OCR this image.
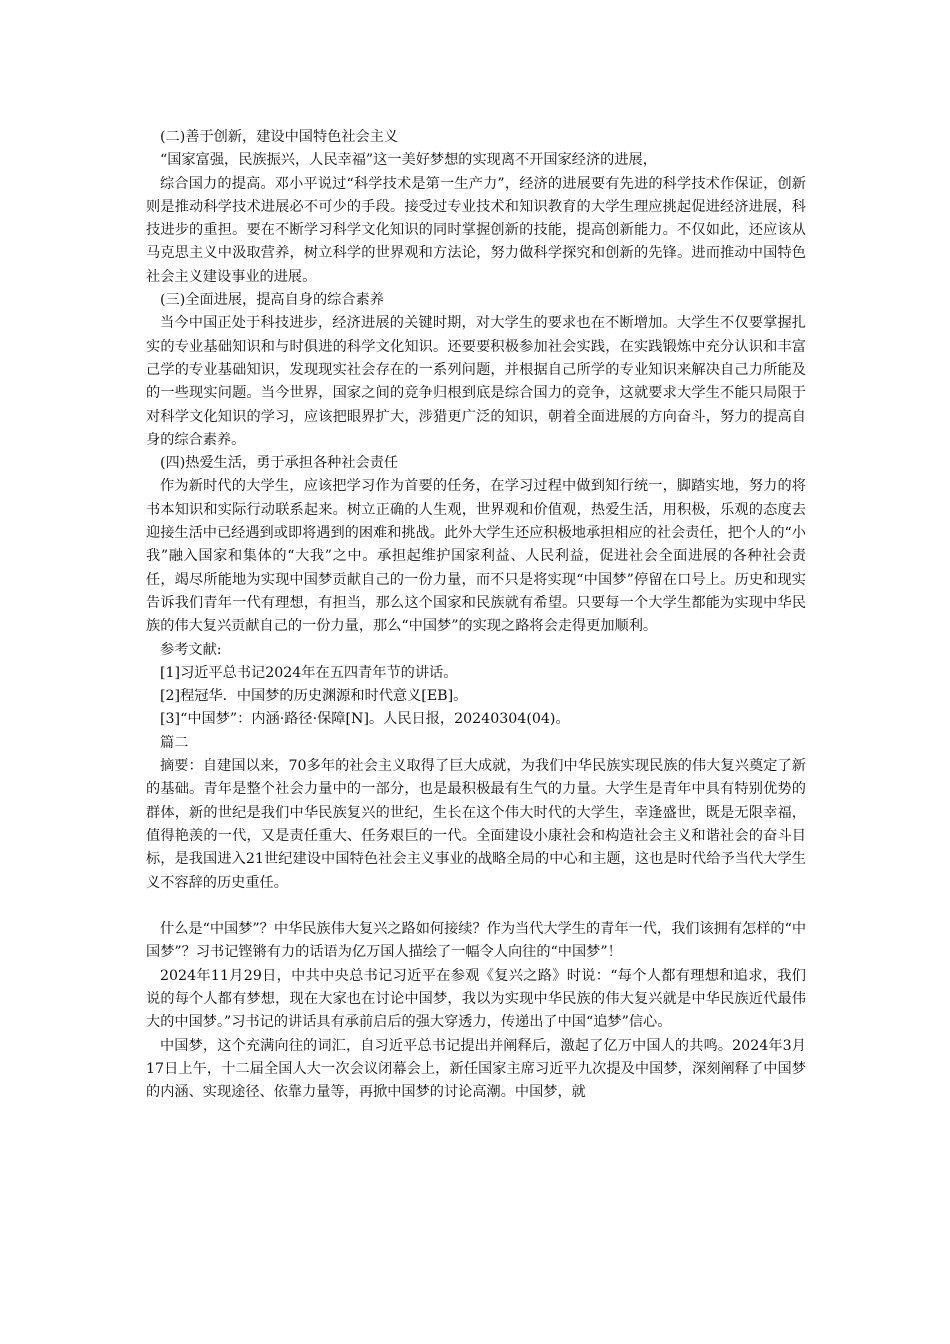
(二)善于创新，建设中国特色社会主义

“国家富强，民族振兴，人民幸福”这一美好梦想的实现离不开国家经济的进展，

综合国力的提高。邓小平说过“科学技术是第一生产力”，经济的进展要有先进的科学技术作保证，创新则是推动科学技术进展必不可少的手段。接受过专业技术和知识教育的大学生理应挑起促进经济进展，科技进步的重担。要在不断学习科学文化知识的同时掌握创新的技能，提高创新能力。不仅如此，还应该从马克思主义中汲取营养，树立科学的世界观和方法论，努力做科学探究和创新的先锋。进而推动中国特色社会主义建设事业的进展。

(三)全面进展，提高自身的综合素养

当今中国正处于科技进步，经济进展的关键时期，对大学生的要求也在不断增加。大学生不仅要掌握扎实的专业基础知识和与时俱进的科学文化知识。还要要积极参加社会实践，在实践锻炼中充分认识和丰富己学的专业基础知识，发现现实社会存在的一系列问题，并根据自己所学的专业知识来解决自己力所能及的一些现实问题。当今世界，国家之间的竞争归根到底是综合国力的竞争，这就要求大学生不能只局限于对科学文化知识的学习，应该把眼界扩大，涉猎更广泛的知识，朝着全面进展的方向奋斗，努力的提高自身的综合素养。

(四)热爱生活，勇于承担各种社会责任

作为新时代的大学生，应该把学习作为首要的任务，在学习过程中做到知行统一，脚踏实地，努力的将书本知识和实际行动联系起来。树立正确的人生观，世界观和价值观，热爱生活，用积极，乐观的态度去迎接生活中已经遇到或即将遇到的困难和挑战。此外大学生还应积极地承担相应的社会责任，把个人的“小我”融入国家和集体的“大我”之中。承担起维护国家利益、人民利益，促进社会全面进展的各种社会责任，竭尽所能地为实现中国梦贡献自己的一份力量，而不只是将实现“中国梦”停留在口号上。历史和现实告诉我们青年一代有理想，有担当，那么这个国家和民族就有希望。只要每一个大学生都能为实现中华民族的伟大复兴贡献自己的一份力量，那么“中国梦”的实现之路将会走得更加顺利。

参考文献:

[1]习近平总书记2024年在五四青年节的讲话。

[2]程冠华．中国梦的历史渊源和时代意义[EB]。

[3]“中国梦”：内涵·路径·保障[N]。人民日报，20240304(04)。

篇二

摘要：自建国以来，70多年的社会主义取得了巨大成就，为我们中华民族实现民族的伟大复兴奠定了新的基础。青年是整个社会力量中的一部分，也是最积极最有生气的力量。大学生是青年中具有特别优势的群体，新的世纪是我们中华民族复兴的世纪，生长在这个伟大时代的大学生，幸逢盛世，既是无限幸福，值得艳羡的一代，又是责任重大、任务艰巨的一代。全面建设小康社会和构造社会主义和谐社会的奋斗目标，是我国进入21世纪建设中国特色社会主义事业的战略全局的中心和主题，这也是时代给予当代大学生义不容辞的历史重任。

什么是“中国梦”？中华民族伟大复兴之路如何接续？作为当代大学生的青年一代，我们该拥有怎样的“中国梦”？习书记铿锵有力的话语为亿万国人描绘了一幅令人向往的“中国梦”！

2024年11月29日，中共中央总书记习近平在参观《复兴之路》时说：“每个人都有理想和追求，我们说的每个人都有梦想，现在大家也在讨论中国梦，我以为实现中华民族的伟大复兴就是中华民族近代最伟大的中国梦。”习书记的讲话具有承前启后的强大穿透力，传递出了中国“追梦”信心。

中国梦，这个充满向往的词汇，自习近平总书记提出并阐释后，激起了亿万中国人的共鸣。2024年3月17日上午，十二届全国人大一次会议闭幕会上，新任国家主席习近平九次提及中国梦，深刻阐释了中国梦的内涵、实现途径、依靠力量等，再掀中国梦的讨论高潮。中国梦，就
